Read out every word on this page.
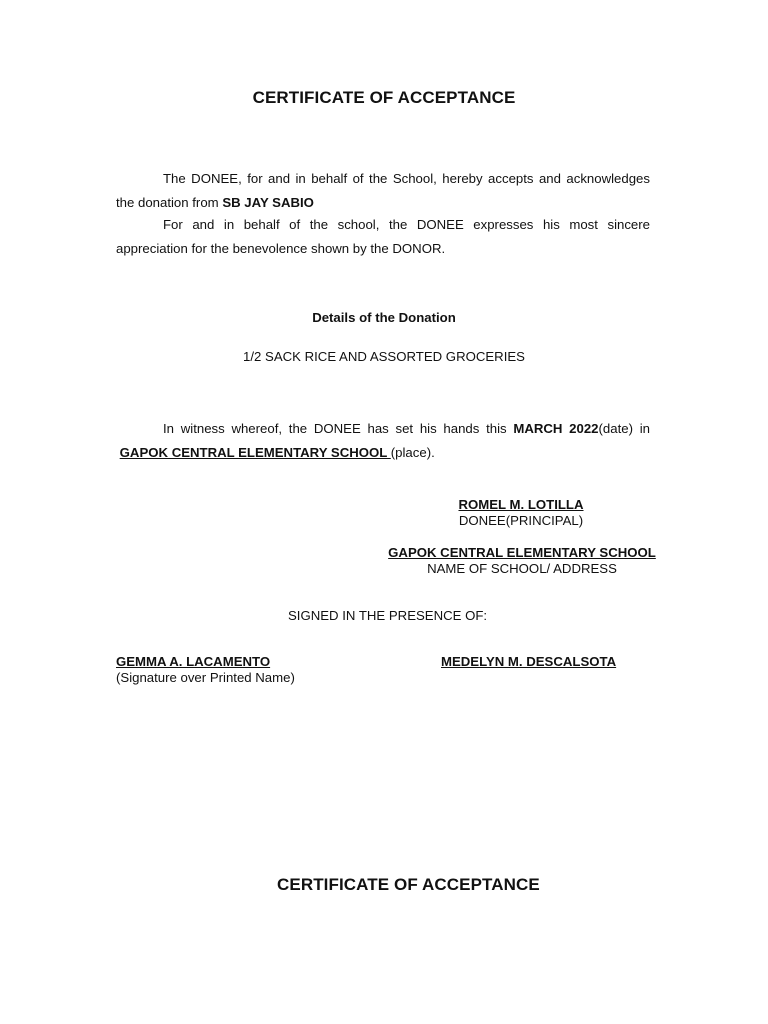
CERTIFICATE OF ACCEPTANCE
The DONEE, for and in behalf of the School, hereby accepts and acknowledges the donation from SB JAY SABIO
For and in behalf of the school, the DONEE expresses his most sincere appreciation for the benevolence shown by the DONOR.
Details of the Donation
1/2 SACK RICE AND ASSORTED GROCERIES
In witness whereof, the DONEE has set his hands this MARCH 2022(date) in  GAPOK CENTRAL ELEMENTARY SCHOOL (place).
ROMEL M. LOTILLA
DONEE(PRINCIPAL)
GAPOK CENTRAL ELEMENTARY SCHOOL
NAME OF SCHOOL/ ADDRESS
SIGNED IN THE PRESENCE OF:
GEMMA A. LACAMENTO
(Signature over Printed Name)
MEDELYN M. DESCALSOTA
CERTIFICATE OF ACCEPTANCE
